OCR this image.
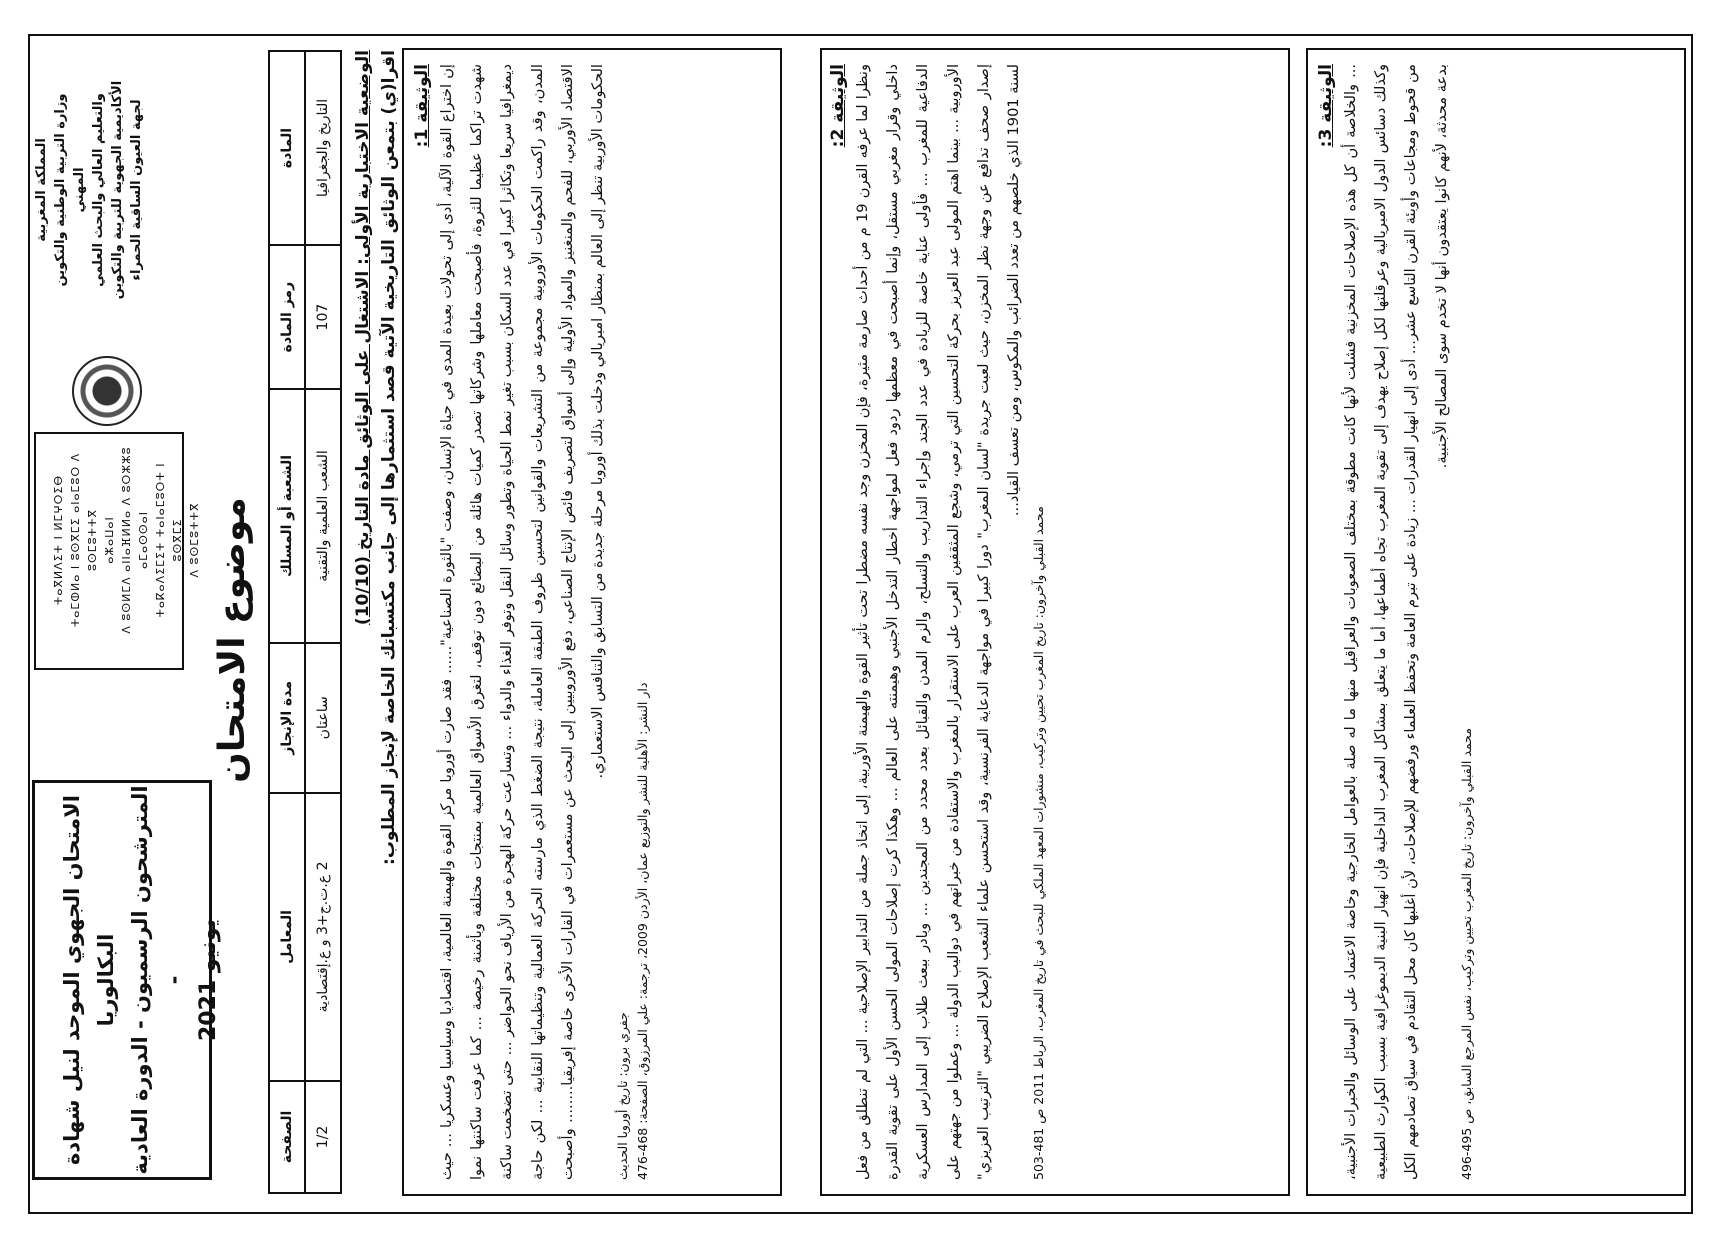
المملكة المغربية وزارة التربية الوطنية والتكوين المهني والتعليم العالي والبحث العلمي الأكاديمية الجهوية للتربية والتكوين لجهة العيون الساقية الحمراء
ⵜⴰⴳⵍⴷⵉⵜ ⵏ ⵍⵎⵖⵔⵉⴱ ⵜⴰⵎⵀⵍⴰ ⵏ ⵓⵙⴳⵎⵉ ⴰⵏⴰⵎⵓⵔ ⴷ ⵓⵙⵎⵓⵜⵜⴳ ⴰⵣⴰⵡⴰⵏ ⴷ ⵓⵙⵍⵎⴷ ⴰⵏⵏⴰⴼⵍⵍⴰ ⴷ ⵓⵔⵣⵣⵓ ⴰⵎⴰⵙⵙⴰⵏ ⵜⴰⴽⴰⴷⵉⵎⵉⵜ ⵜⴰⵏⴰⵎⵓⵔⵜ ⵏ ⵓⵙⴳⵎⵉ ⴷ ⵓⵙⵎⵓⵜⵜⴳ
الامتحان الجهوي الموحد لنيل شهادة البكالوريا المترشحون الرسميون - الدورة العادية - يونيو 2021
موضوع الامتحان
المادة	رمز المادة	الشعبة أو المسلك	مدة الإنجاز	المعامل	الصفحة
التاريخ والجغرافيا	107	الشعب العلمية والتقنية	ساعتان	2 ع.ت.ج+3 و ع.إقتصادية	1/2
الوضعية الاختبارية الأولى: الاشتغال على الوثائق مادة التاريخ (10/10) اقرا(ي) بتمعن الوثائق التاريخية الآتية قصد استثمارها إلى جانب مكتسباتك الخاصة لإنجاز المطلوب: الوثيقة 1: إن اختراع القوة الآلية، أدى إلى تحولات بعيدة المدى في حياة الإنسان، وصفت "بالثورة الصناعية"...... فقد صارت أوروبا مركز القوة والهيمنة العالمية، اقتصاديا وسياسيا وعسكريا ... حيث شهدت تراكما عظيما للثروة، فأصبحت معاملها وشركاتها تصدر كميات هائلة من البضائع دون توقف، لتغرق الأسواق العالمية بمنتجات مختلفة وبأثمنة رخيصة ... كما عرفت ساكنتها نموا ديمغرافيا سريعا وتكاثرا كبيرا في عدد السكان بسبب تغير نمط الحياة وتطور وسائل النقل وتوفر الغذاء والدواء ... وتسارعت حركة الهجرة من الأرياف نحو الحواضر ... حتى تضخمت ساكنة المدن، وقد راكمت الحكومات الأوروبية مجموعة من التشريعات والقوانين لتحسين ظروف الطبقة العاملة، نتيجة الضغط الذي مارسته الحركة العمالية وتنظيماتها النقابية ... لكن حاجة الاقتصاد الأوربي، للفحم والمنغنيز والمواد الأولية وإلى أسواق لتصريف فائض الإنتاج الصناعي، دفع الأوروبيين إلى البحث عن مستعمرات في القارات الأخرى خاصة إفريقيا........ وأصبحت الحكومات الأوربية تنظر إلى العالم بمنظار امبريالي ودخلت بذلك أوروبا مرحلة جديدة من التسابق والتنافس الاستعماري.
جفري برون: تاريخ أوروبا الحديث دار النشر: الأهلية للنشر والتوزيع عمان، الأردن 2009، ترجمة: علي المرزوق، الصفحة: 468-476
الوثيقة 2:
ونظرا لما عرفه القرن 19 م من أحداث صارمة مثيرة، فإن المخزن وجد نفسه مضطرا تحت تأثير القوة والهيمنة الأوربية، إلى اتخاذ جملة من التدابير الإصلاحية ... التي لم تنطلق من فعل داخلي وقرار مغربي مستقل، وإنما أصبحت في معظمها ردود فعل لمواجهة أخطار التدخل الأجنبي وهيمنته على العالم ... وهكذا كرت إصلاحات المولى الحسن الأول على تقوية القدرة الدفاعية للمغرب ... فأولى عناية خاصة للزيادة في عدد الجند وإجراء التداريب والتسلح، والزم المدن والقبائل بعدد محدد من المجندين ... وبادر ببعث طلاب إلى المدارس العسكرية الأوروبية ... بينما اهتم المولى عبد العزيز بحركة التحسين التي ترمي، وشجع المثقفين العرب على الاستقرار بالمغرب والاستفادة من خبراتهم في دواليب الدولة ... وعملوا من جهتهم على إصدار صحف تدافع عن وجهة نظر المخزن، حيث لعبت جريدة "لسان المغرب" دورا كبيرا في مواجهة الدعاية الفرنسية، وقد استحسن علماء الشعب الإصلاح الضريبي "الترتيب العزيزي" لسنة 1901 الذي خلصهم من تعدد الضرائب والمكوس، ومن تعسف القياد...
محمد القبلي وآخرون: تاريخ المغرب تحيين وتركيب، منشورات المعهد الملكي للبحث في تاريخ المغرب، الرباط 2011 ص 481-503
الوثيقة 3: ... والخلاصة أن كل هذه الإصلاحات المخزنية فشلت لأنها كانت مطوقة بمختلف الصعوبات والعراقيل منها ما له صلة بالعوامل الخارجية وخاصة الاعتماد على الوسائل والخبرات الأجنبية، وكذلك دسائس الدول الامبريالية وعرقلتها لكل إصلاح يهدف إلى تقوية المغرب تجاه أطماعها، أما ما يتعلق بمشاكل المغرب الداخلية فإن انهيار البنية الديموغرافية بسبب الكوارث الطبيعية من قحوط ومجاعات وأوبئة القرن التاسع عشر... أدى إلى انهيار القدرات ... زيادة على تبرم العامة وتحفظ العلماء ورفضهم للإصلاحات، لأن أغلبها كان محل التقادم في سياق تصادمهم الكل بدعة محدثة، لأنهم كانوا يعتقدون أنها لا تخدم سوى المصالح الأجنبية.
محمد القبلي وآخرون: تاريخ المغرب تحيين وتركيب، نفس المرجع السابق، ص 495-496
